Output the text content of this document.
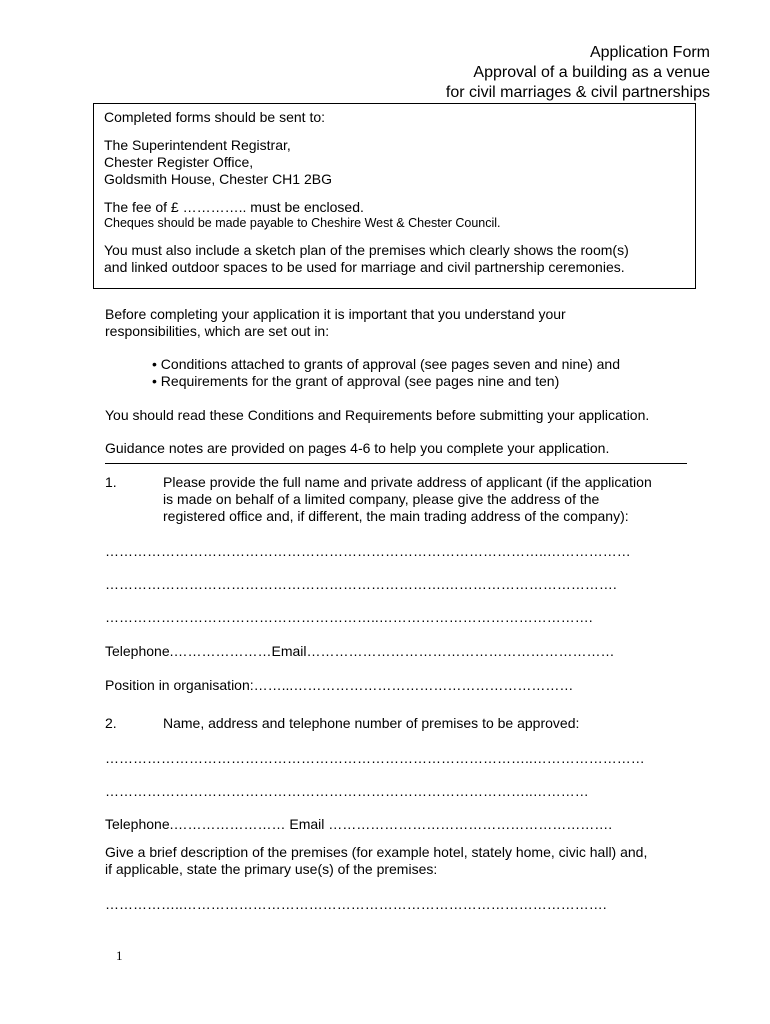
Application Form
Approval of a building as a venue
for civil marriages & civil partnerships
Completed forms should be sent to:
The Superintendent Registrar,
Chester Register Office,
Goldsmith House, Chester CH1 2BG
The fee of £ ………….. must be enclosed.
Cheques should be made payable to Cheshire West & Chester Council.
You must also include a sketch plan of the premises which clearly shows the room(s)
and linked outdoor spaces to be used for marriage and civil partnership ceremonies.
Before completing your application it is important that you understand your
responsibilities, which are set out in:
• Conditions attached to grants of approval (see pages seven and nine) and
• Requirements for the grant of approval (see pages nine and ten)
You should read these Conditions and Requirements before submitting your application.
Guidance notes are provided on pages 4-6 to help you complete your application.
1.	Please provide the full name and private address of applicant (if the application
is made on behalf of a limited company, please give the address of the
registered office and, if different, the main trading address of the company):
…………………………………………………………………………………..………………
……………………………………………………………….……………………………….
…………………………………………………..……………………………………….
Telephone.…………………Email…………………………………………………………
Position in organisation:……...……………………………………………………
2.	Name, address and telephone number of premises to be approved:
………………………………………………………………………………..……………………
………………………………………………………………………………..…………
Telephone.…………………… Email …………………………………………………….
Give a brief description of the premises (for example hotel, stately home, civic hall) and,
if applicable, state the primary use(s) of the premises:
……………..……………………………………………………………………………….
1
